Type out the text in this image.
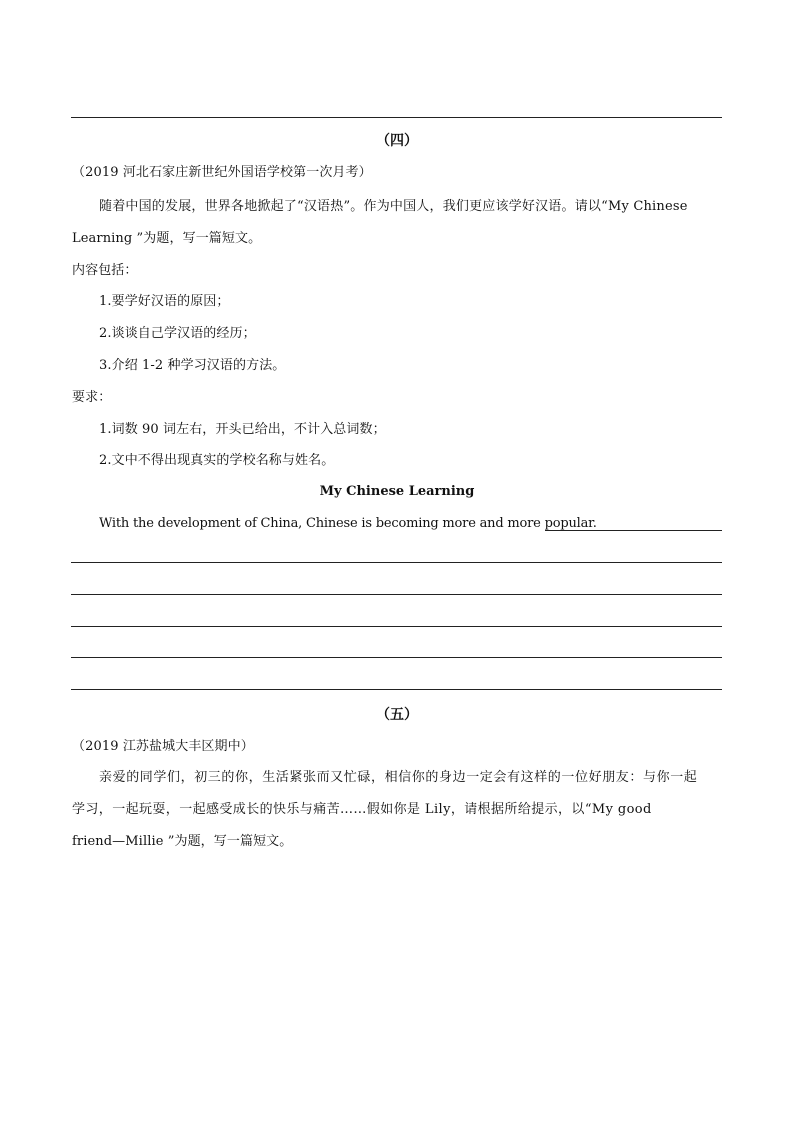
（四）
（2019 河北石家庄新世纪外国语学校第一次月考）
随着中国的发展，世界各地掀起了“汉语热”。作为中国人，我们更应该学好汉语。请以“My Chinese
Learning ”为题，写一篇短文。
内容包括：
1.要学好汉语的原因；
2.谈谈自己学汉语的经历；
3.介绍 1-2 种学习汉语的方法。
要求：
1.词数 90 词左右，开头已给出，不计入总词数；
2.文中不得出现真实的学校名称与姓名。
My Chinese Learning
With the development of China, Chinese is becoming more and more popular.
（五）
（2019 江苏盐城大丰区期中）
亲爱的同学们，初三的你，生活紧张而又忙碌，相信你的身边一定会有这样的一位好朋友：与你一起
学习，一起玩耍，一起感受成长的快乐与痛苦……假如你是 Lily，请根据所给提示，以“My good
friend—Millie ”为题，写一篇短文。
